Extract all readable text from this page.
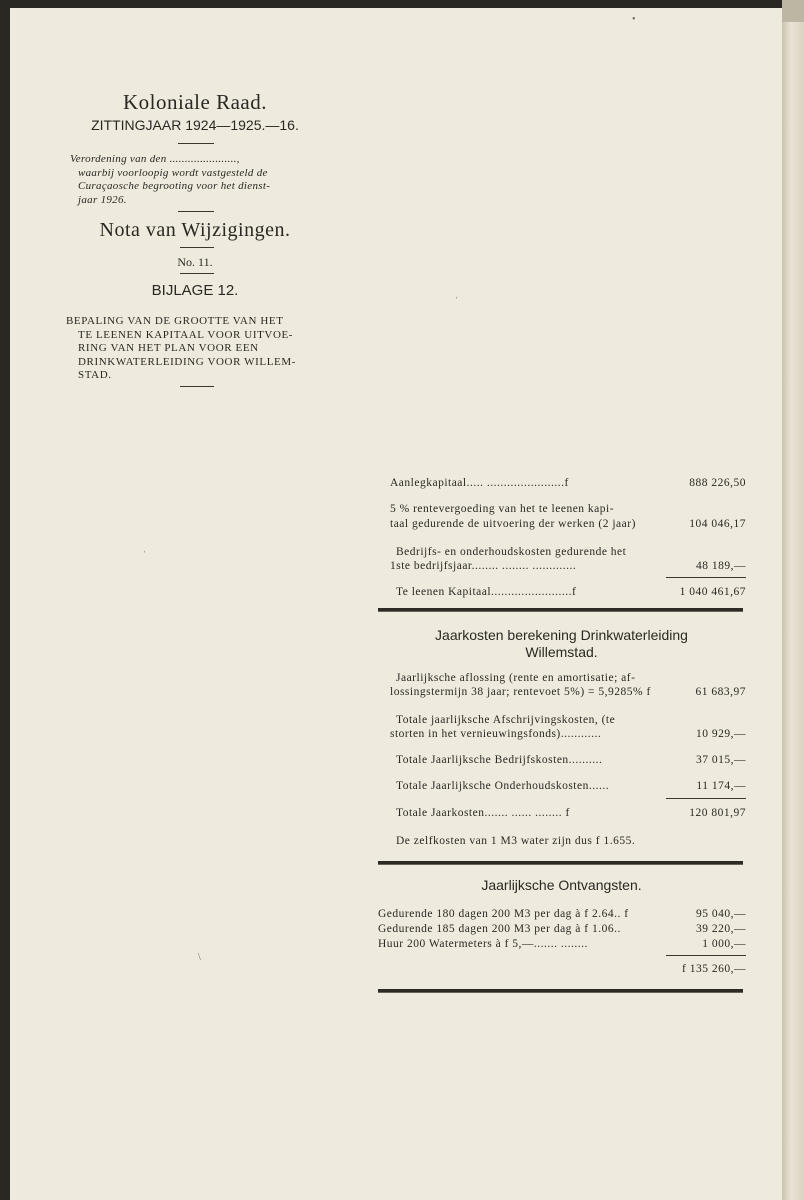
Koloniale Raad.
ZITTINGJAAR 1924—1925.—16.
Verordening van den ......................,
waarbij voorloopig wordt vastgesteld de
Curaçaosche begrooting voor het dienst-
jaar 1926.
Nota van Wijzigingen.
No. 11.
BIJLAGE 12.
BEPALING VAN DE GROOTTE VAN HET
TE LEENEN KAPITAAL VOOR UITVOE-
RING VAN HET PLAN VOOR EEN
DRINKWATERLEIDING VOOR WILLEM-
STAD.
Aanlegkapitaal..... .......................f	888 226,50
5 % rentevergoeding van het te leenen kapi-
taal gedurende de uitvoering der werken (2 jaar)	104 046,17
Bedrijfs- en onderhoudskosten gedurende het
1ste bedrijfsjaar........ ........ .............	48 189,—
Te leenen Kapitaal........................f	1 040 461,67
Jaarkosten berekening Drinkwaterleiding
Willemstad.
Jaarlijksche aflossing (rente en amortisatie; af-
lossingstermijn 38 jaar; rentevoet 5%) = 5,9285% f	61 683,97
Totale jaarlijksche Afschrijvingskosten, (te
storten in het vernieuwingsfonds)............	10 929,—
Totale Jaarlijksche Bedrijfskosten..........	37 015,—
Totale Jaarlijksche Onderhoudskosten......	11 174,—
Totale Jaarkosten....... ...... ........ f	120 801,97
De zelfkosten van 1 M3 water zijn dus f 1.655.
Jaarlijksche Ontvangsten.
Gedurende 180 dagen 200 M3 per dag à f 2.64.. f	95 040,—
Gedurende 185 dagen 200 M3 per dag à f 1.06..	39 220,—
Huur 200 Watermeters à f 5,—....... ........	1 000,—
f 135 260,—
•
ˈ
ˈ
\
